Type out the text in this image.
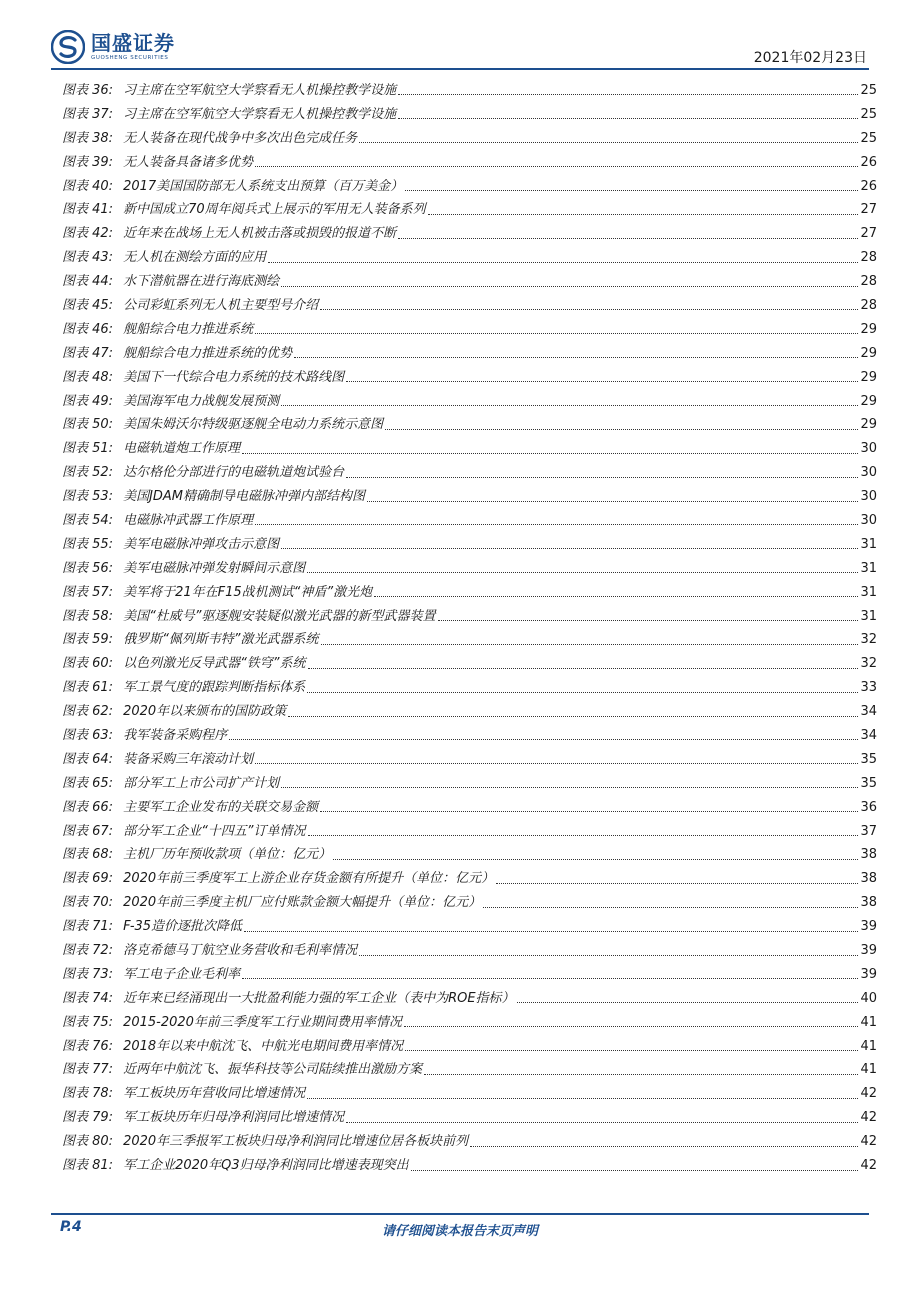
国盛证券
GUOSHENG SECURITIES	2021年02月23日
图表 36: 习主席在空军航空大学察看无人机操控教学设施	25
图表 37: 习主席在空军航空大学察看无人机操控教学设施	25
图表 38: 无人装备在现代战争中多次出色完成任务	25
图表 39: 无人装备具备诸多优势	26
图表 40: 2017美国国防部无人系统支出预算（百万美金）	26
图表 41: 新中国成立70周年阅兵式上展示的军用无人装备系列	27
图表 42: 近年来在战场上无人机被击落或损毁的报道不断	27
图表 43: 无人机在测绘方面的应用	28
图表 44: 水下潜航器在进行海底测绘	28
图表 45: 公司彩虹系列无人机主要型号介绍	28
图表 46: 舰船综合电力推进系统	29
图表 47: 舰船综合电力推进系统的优势	29
图表 48: 美国下一代综合电力系统的技术路线图	29
图表 49: 美国海军电力战舰发展预测	29
图表 50: 美国朱姆沃尔特级驱逐舰全电动力系统示意图	29
图表 51: 电磁轨道炮工作原理	30
图表 52: 达尔格伦分部进行的电磁轨道炮试验台	30
图表 53: 美国JDAM精确制导电磁脉冲弹内部结构图	30
图表 54: 电磁脉冲武器工作原理	30
图表 55: 美军电磁脉冲弹攻击示意图	31
图表 56: 美军电磁脉冲弹发射瞬间示意图	31
图表 57: 美军将于21年在F15战机测试“神盾”激光炮	31
图表 58: 美国“杜威号”驱逐舰安装疑似激光武器的新型武器装置	31
图表 59: 俄罗斯“佩列斯韦特”激光武器系统	32
图表 60: 以色列激光反导武器“铁穹”系统	32
图表 61: 军工景气度的跟踪判断指标体系	33
图表 62: 2020年以来颁布的国防政策	34
图表 63: 我军装备采购程序	34
图表 64: 装备采购三年滚动计划	35
图表 65: 部分军工上市公司扩产计划	35
图表 66: 主要军工企业发布的关联交易金额	36
图表 67: 部分军工企业“十四五”订单情况	37
图表 68: 主机厂历年预收款项（单位：亿元）	38
图表 69: 2020年前三季度军工上游企业存货金额有所提升（单位：亿元）	38
图表 70: 2020年前三季度主机厂应付账款金额大幅提升（单位：亿元）	38
图表 71: F-35造价逐批次降低	39
图表 72: 洛克希德马丁航空业务营收和毛利率情况	39
图表 73: 军工电子企业毛利率	39
图表 74: 近年来已经涌现出一大批盈利能力强的军工企业（表中为ROE指标）	40
图表 75: 2015-2020年前三季度军工行业期间费用率情况	41
图表 76: 2018年以来中航沈飞、中航光电期间费用率情况	41
图表 77: 近两年中航沈飞、振华科技等公司陆续推出激励方案	41
图表 78: 军工板块历年营收同比增速情况	42
图表 79: 军工板块历年归母净利润同比增速情况	42
图表 80: 2020年三季报军工板块归母净利润同比增速位居各板块前列	42
图表 81: 军工企业2020年Q3归母净利润同比增速表现突出	42
P.4	请仔细阅读本报告末页声明
